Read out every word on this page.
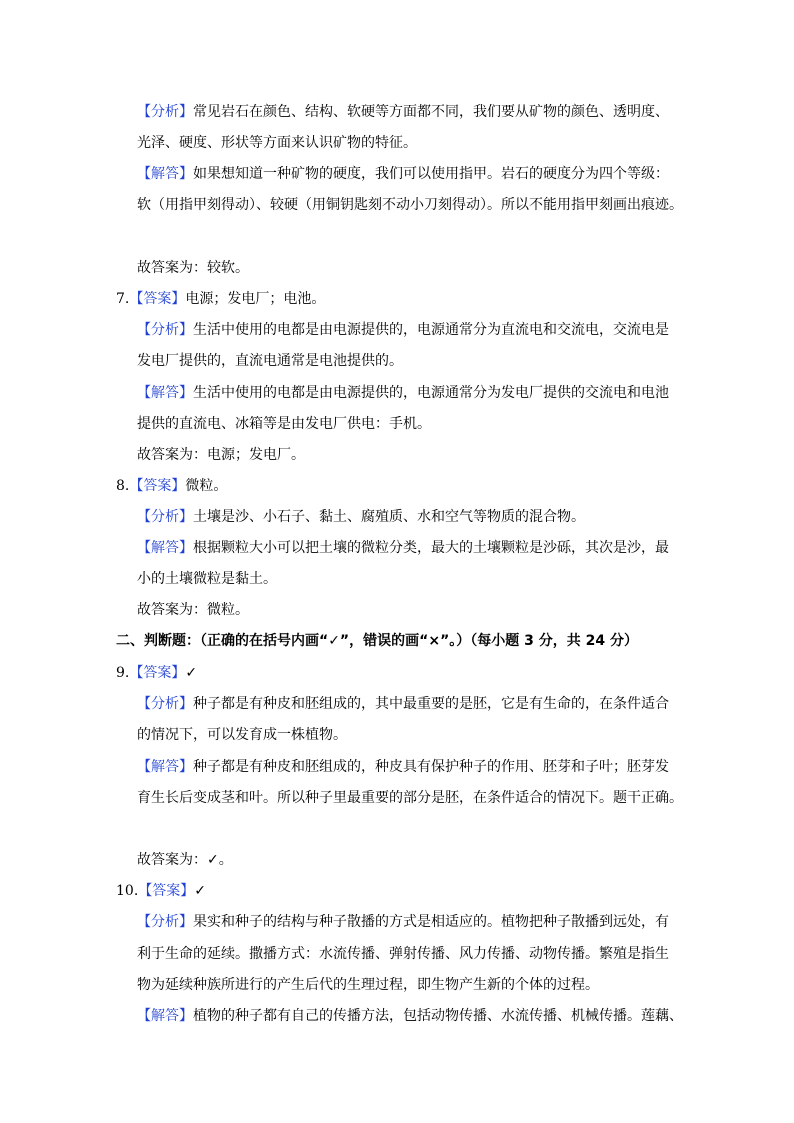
【分析】常见岩石在颜色、结构、软硬等方面都不同，我们要从矿物的颜色、透明度、
光泽、硬度、形状等方面来认识矿物的特征。
【解答】如果想知道一种矿物的硬度，我们可以使用指甲。岩石的硬度分为四个等级：
软（用指甲刻得动）、较硬（用铜钥匙刻不动小刀刻得动）。所以不能用指甲刻画出痕迹。
故答案为：较软。
7.【答案】电源；发电厂；电池。
【分析】生活中使用的电都是由电源提供的，电源通常分为直流电和交流电，交流电是
发电厂提供的，直流电通常是电池提供的。
【解答】生活中使用的电都是由电源提供的，电源通常分为发电厂提供的交流电和电池
提供的直流电、冰箱等是由发电厂供电：手机。
故答案为：电源；发电厂。
8.【答案】微粒。
【分析】土壤是沙、小石子、黏土、腐殖质、水和空气等物质的混合物。
【解答】根据颗粒大小可以把土壤的微粒分类，最大的土壤颗粒是沙砾，其次是沙，最
小的土壤微粒是黏土。
故答案为：微粒。
二、判断题：（正确的在括号内画“✓”，错误的画“×”。）（每小题 3 分，共 24 分）
9.【答案】✓
【分析】种子都是有种皮和胚组成的，其中最重要的是胚，它是有生命的，在条件适合
的情况下，可以发育成一株植物。
【解答】种子都是有种皮和胚组成的，种皮具有保护种子的作用、胚芽和子叶；胚芽发
育生长后变成茎和叶。所以种子里最重要的部分是胚，在条件适合的情况下。题干正确。
故答案为：✓。
10.【答案】✓
【分析】果实和种子的结构与种子散播的方式是相适应的。植物把种子散播到远处，有
利于生命的延续。撒播方式：水流传播、弹射传播、风力传播、动物传播。繁殖是指生
物为延续种族所进行的产生后代的生理过程，即生物产生新的个体的过程。
【解答】植物的种子都有自己的传播方法，包括动物传播、水流传播、机械传播。莲藕、
